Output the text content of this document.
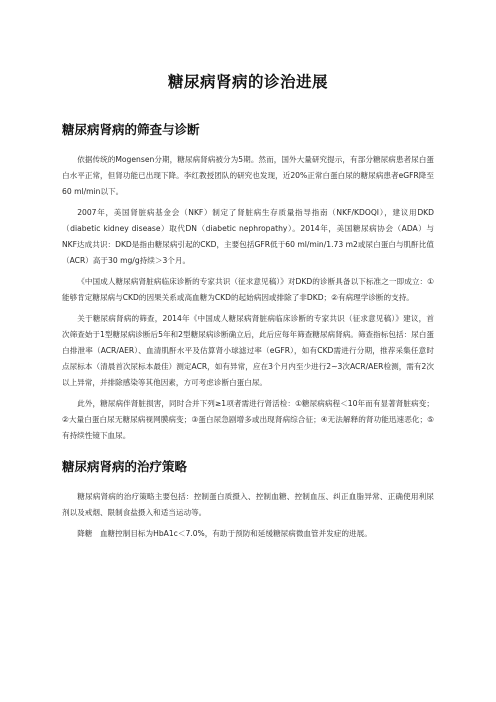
糖尿病肾病的诊治进展
糖尿病肾病的筛查与诊断

依据传统的Mogensen分期，糖尿病肾病被分为5期。然而，国外大量研究提示，有部分糖尿病患者尿白蛋白水平正常，但肾功能已出现下降。李红教授团队的研究也发现，近20%正常白蛋白尿的糖尿病患者eGFR降至60 ml/min以下。

2007年，美国肾脏病基金会（NKF）制定了肾脏病生存质量指导指南（NKF/KDOQI），建议用DKD（diabetic kidney disease）取代DN（diabetic nephropathy）。2014年，美国糖尿病协会（ADA）与NKF达成共识：DKD是指由糖尿病引起的CKD，主要包括GFR低于60 ml/min/1.73 m2或尿白蛋白与肌酐比值（ACR）高于30 mg/g持续＞3个月。

《中国成人糖尿病肾脏病临床诊断的专家共识（征求意见稿）》对DKD的诊断具备以下标准之一即成立：①能够肯定糖尿病与CKD的因果关系或高血糖为CKD的起始病因或排除了非DKD；②有病理学诊断的支持。

关于糖尿病肾病的筛查，2014年《中国成人糖尿病肾脏病临床诊断的专家共识（征求意见稿）》建议，首次筛查始于1型糖尿病诊断后5年和2型糖尿病诊断确立后，此后应每年筛查糖尿病肾病。筛查指标包括：尿白蛋白排泄率（ACR/AER）、血清肌酐水平及估算肾小球滤过率（eGFR），如有CKD需进行分期，推荐采集任意时点尿标本（清晨首次尿标本最佳）测定ACR，如有异常，应在3个月内至少进行2~3次ACR/AER检测，需有2次以上异常，并排除感染等其他因素，方可考虑诊断白蛋白尿。

此外，糖尿病伴肾脏损害，同时合并下列≥1项者需进行肾活检：①糖尿病病程＜10年而有显著肾脏病变；②大量白蛋白尿无糖尿病视网膜病变；③蛋白尿急剧增多或出现肾病综合征；④无法解释的肾功能迅速恶化；⑤有持续性镜下血尿。

糖尿病肾病的治疗策略

糖尿病肾病的治疗策略主要包括：控制蛋白质摄入、控制血糖、控制血压、纠正血脂异常、正确使用利尿剂以及戒烟、限制食盐摄入和适当运动等。

降糖　血糖控制目标为HbA1c＜7.0%，有助于预防和延缓糖尿病微血管并发症的进展。
